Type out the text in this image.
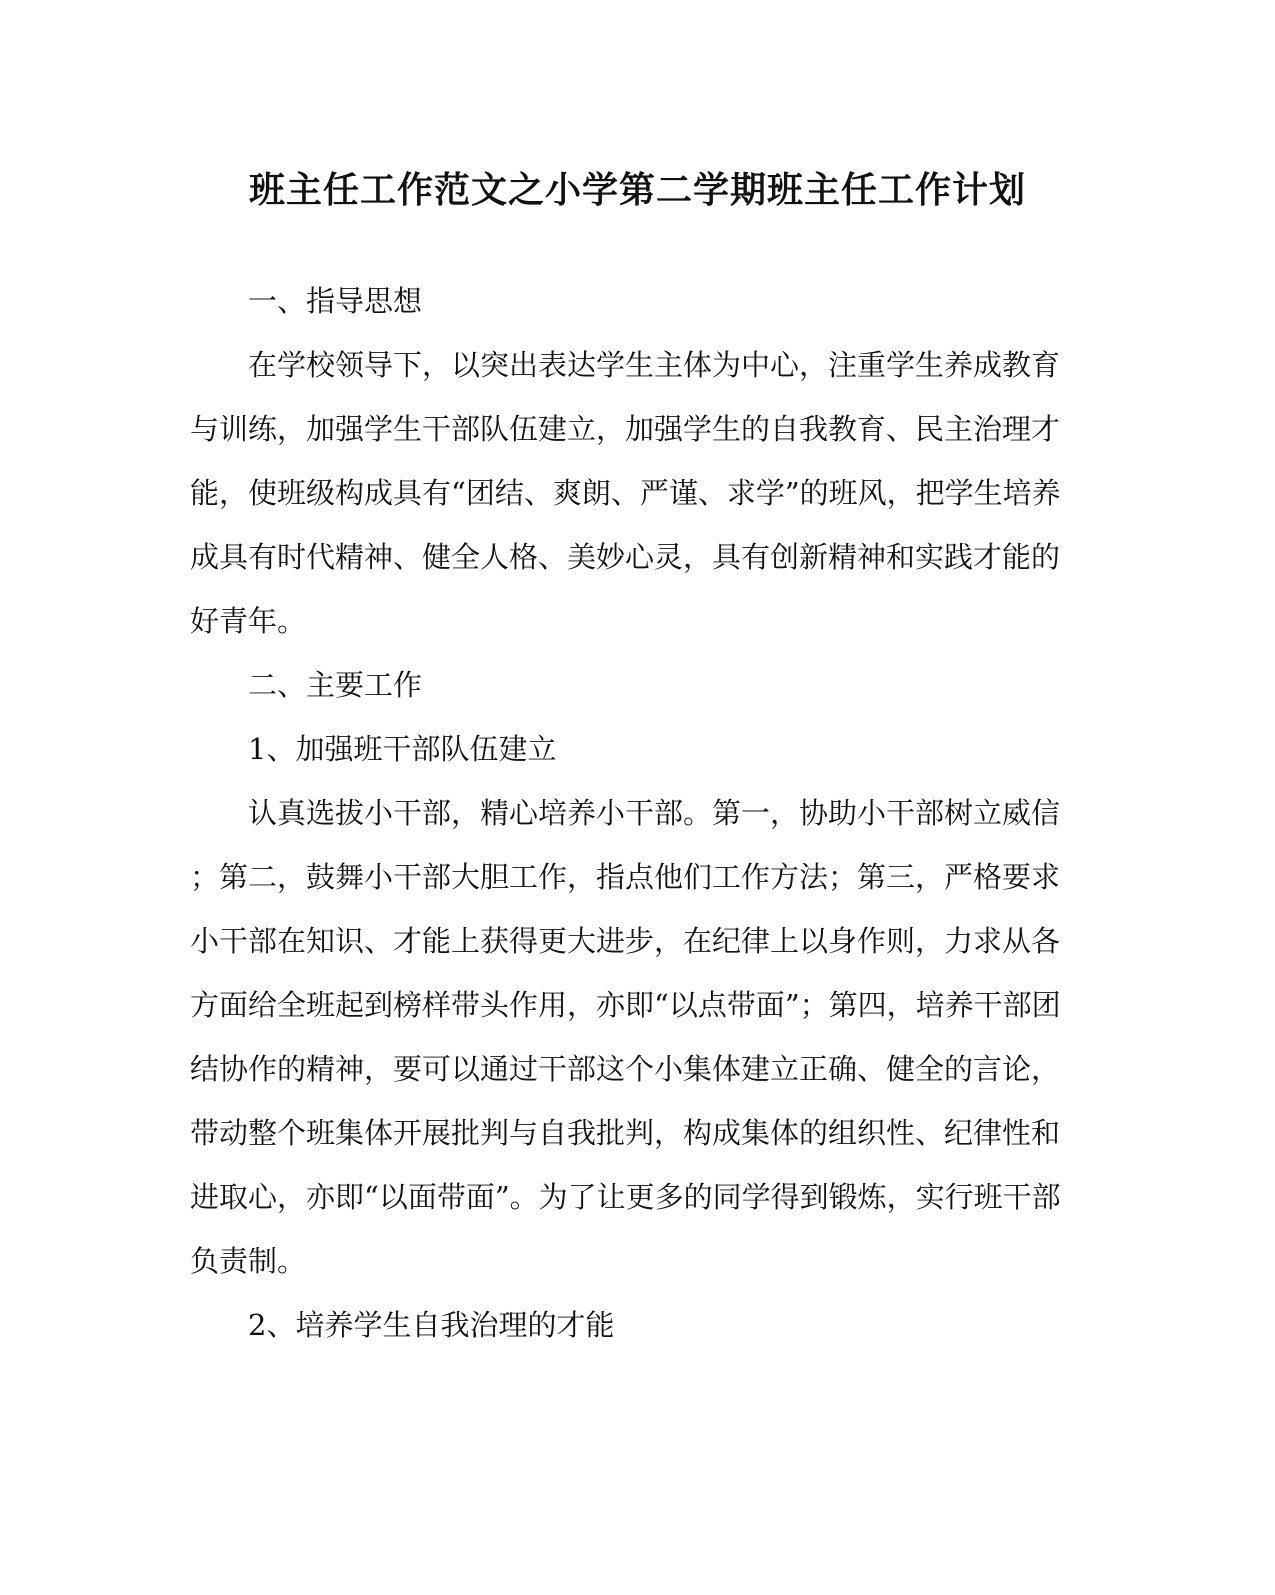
班主任工作范文之小学第二学期班主任工作计划
一、指导思想
在学校领导下，以突出表达学生主体为中心，注重学生养成教育
与训练，加强学生干部队伍建立，加强学生的自我教育、民主治理才
能，使班级构成具有“团结、爽朗、严谨、求学”的班风，把学生培养
成具有时代精神、健全人格、美妙心灵，具有创新精神和实践才能的
好青年。
二、主要工作
1、加强班干部队伍建立
认真选拔小干部，精心培养小干部。第一，协助小干部树立威信
；第二，鼓舞小干部大胆工作，指点他们工作方法；第三，严格要求
小干部在知识、才能上获得更大进步，在纪律上以身作则，力求从各
方面给全班起到榜样带头作用，亦即“以点带面”；第四，培养干部团
结协作的精神，要可以通过干部这个小集体建立正确、健全的言论，
带动整个班集体开展批判与自我批判，构成集体的组织性、纪律性和
进取心，亦即“以面带面”。为了让更多的同学得到锻炼，实行班干部
负责制。
2、培养学生自我治理的才能
